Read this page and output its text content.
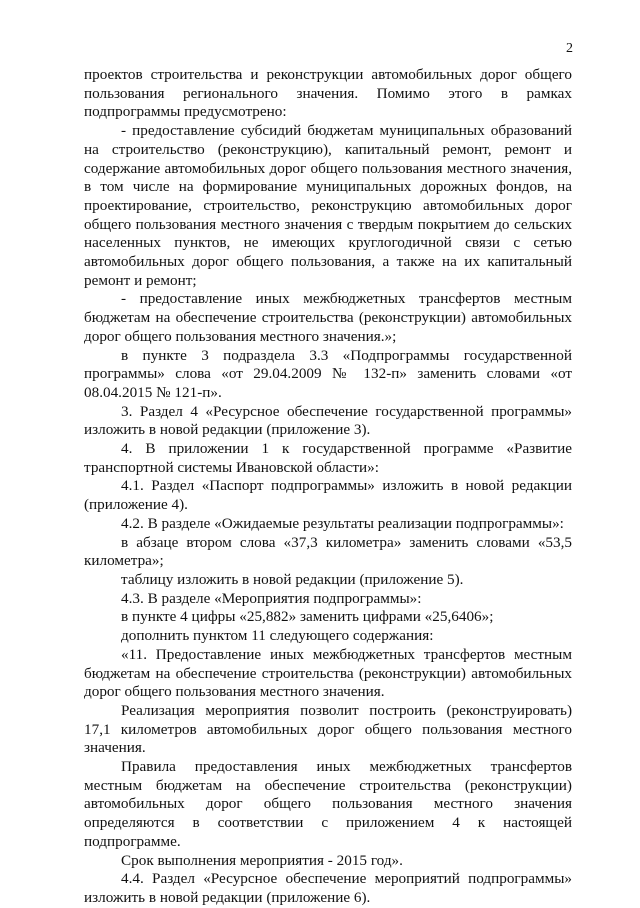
2

проектов строительства и реконструкции автомобильных дорог общего пользования регионального значения. Помимо этого в рамках подпрограммы предусмотрено:

- предоставление субсидий бюджетам муниципальных образований на строительство (реконструкцию), капитальный ремонт, ремонт и содержание автомобильных дорог общего пользования местного значения, в том числе на формирование муниципальных дорожных фондов, на проектирование, строительство, реконструкцию автомобильных дорог общего пользования местного значения с твердым покрытием до сельских населенных пунктов, не имеющих круглогодичной связи с сетью автомобильных дорог общего пользования, а также на их капитальный ремонт и ремонт;

- предоставление иных межбюджетных трансфертов местным бюджетам на обеспечение строительства (реконструкции) автомобильных дорог общего пользования местного значения.»;

в пункте 3 подраздела 3.3 «Подпрограммы государственной программы» слова «от 29.04.2009 № 132-п» заменить словами «от 08.04.2015 № 121-п».

3. Раздел 4 «Ресурсное обеспечение государственной программы» изложить в новой редакции (приложение 3).

4. В приложении 1 к государственной программе «Развитие транспортной системы Ивановской области»:

4.1. Раздел «Паспорт подпрограммы» изложить в новой редакции (приложение 4).

4.2. В разделе «Ожидаемые результаты реализации подпрограммы»:

в абзаце втором слова «37,3 километра» заменить словами «53,5 километра»;

таблицу изложить в новой редакции (приложение 5).

4.3. В разделе «Мероприятия подпрограммы»:

в пункте 4 цифры «25,882» заменить цифрами «25,6406»;

дополнить пунктом 11 следующего содержания:

«11. Предоставление иных межбюджетных трансфертов местным бюджетам на обеспечение строительства (реконструкции) автомобильных дорог общего пользования местного значения.

Реализация мероприятия позволит построить (реконструировать) 17,1 километров автомобильных дорог общего пользования местного значения.

Правила предоставления иных межбюджетных трансфертов местным бюджетам на обеспечение строительства (реконструкции) автомобильных дорог общего пользования местного значения определяются в соответствии с приложением 4 к настоящей подпрограмме.

Срок выполнения мероприятия - 2015 год».

4.4. Раздел «Ресурсное обеспечение мероприятий подпрограммы» изложить в новой редакции (приложение 6).
